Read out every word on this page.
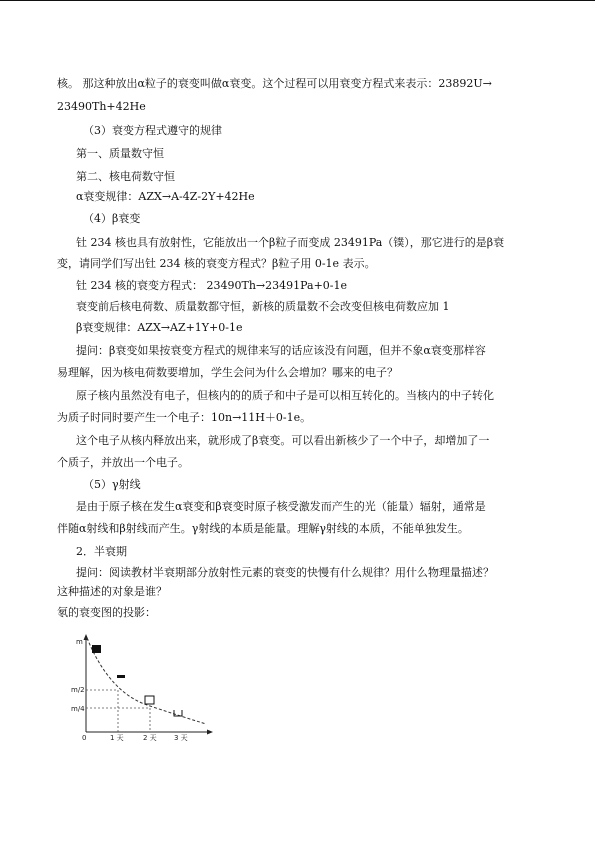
核。 那这种放出α粒子的衰变叫做α衰变。这个过程可以用衰变方程式来表示：23892U→
23490Th+42He
（3）衰变方程式遵守的规律
第一、质量数守恒
第二、核电荷数守恒
α衰变规律：AZX→A-4Z-2Y+42He
（4）β衰变
钍 234 核也具有放射性，它能放出一个β粒子而变成 23491Pa（镤），那它进行的是β衰
变，请同学们写出钍 234 核的衰变方程式？β粒子用 0-1e 表示。
钍 234 核的衰变方程式： 23490Th→23491Pa+0-1e
衰变前后核电荷数、质量数都守恒，新核的质量数不会改变但核电荷数应加 1
β衰变规律：AZX→AZ+1Y+0-1e
提问：β衰变如果按衰变方程式的规律来写的话应该没有问题，但并不象α衰变那样容
易理解，因为核电荷数要增加，学生会问为什么会增加？哪来的电子？
原子核内虽然没有电子，但核内的的质子和中子是可以相互转化的。当核内的中子转化
为质子时同时要产生一个电子：10n→11H＋0-1e。
这个电子从核内释放出来，就形成了β衰变。可以看出新核少了一个中子，却增加了一
个质子，并放出一个电子。
（5）γ射线
是由于原子核在发生α衰变和β衰变时原子核受激发而产生的光（能量）辐射，通常是
伴随α射线和β射线而产生。γ射线的本质是能量。理解γ射线的本质，不能单独发生。
2．半衰期
提问：阅读教材半衰期部分放射性元素的衰变的快慢有什么规律？用什么物理量描述？
这种描述的对象是谁？
氡的衰变图的投影：
m
m/2
m/4
0	1 天	2 天 3 天
